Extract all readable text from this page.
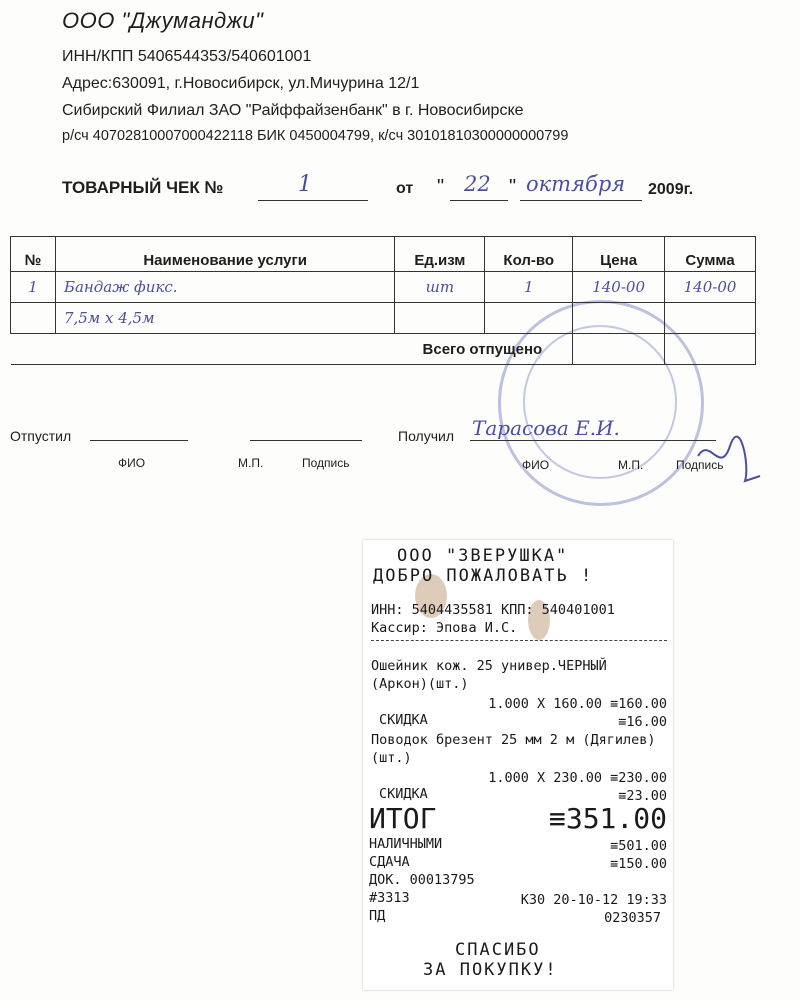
ООО "Джуманджи"
ИНН/КПП 5406544353/540601001
Адрес:630091, г.Новосибирск, ул.Мичурина 12/1
Сибирский Филиал ЗАО "Райффайзенбанк" в г. Новосибирске
р/сч 40702810007000422118 БИК 0450004799, к/сч 30101810300000000799
ТОВАРНЫЙ ЧЕК №	1	от " 22 " октября 2009г.
№	Наименование услуги	Ед.изм	Кол-во	Цена	Сумма
1	Бандаж фикс.	шт	1	140-00	140-00
	7,5м х 4,5м				
Всего отпущено					
Отпустил
ФИО	М.П.	Подпись
Получил Тарасова Е.И.
ФИО	М.П.	Подпись
ООО "ЗВЕРУШКА"
ДОБРО ПОЖАЛОВАТЬ !
ИНН: 5404435581 КПП: 540401001
Кассир: Эпова И.С.
Ошейник кож. 25 универ.ЧЕРНЫЙ
(Аркон)(шт.)
1.000 X 160.00 ≡160.00
СКИДКА	≡16.00
Поводок брезент 25 мм 2 м (Дягилев)
(шт.)
1.000 X 230.00 ≡230.00
СКИДКА	≡23.00
ИТОГ	≡351.00
НАЛИЧНЫМИ	≡501.00
СДАЧА	≡150.00
ДОК. 00013795
#3313	К30 20-10-12 19:33
ПД	0230357
СПАСИБО
ЗА ПОКУПКУ!
